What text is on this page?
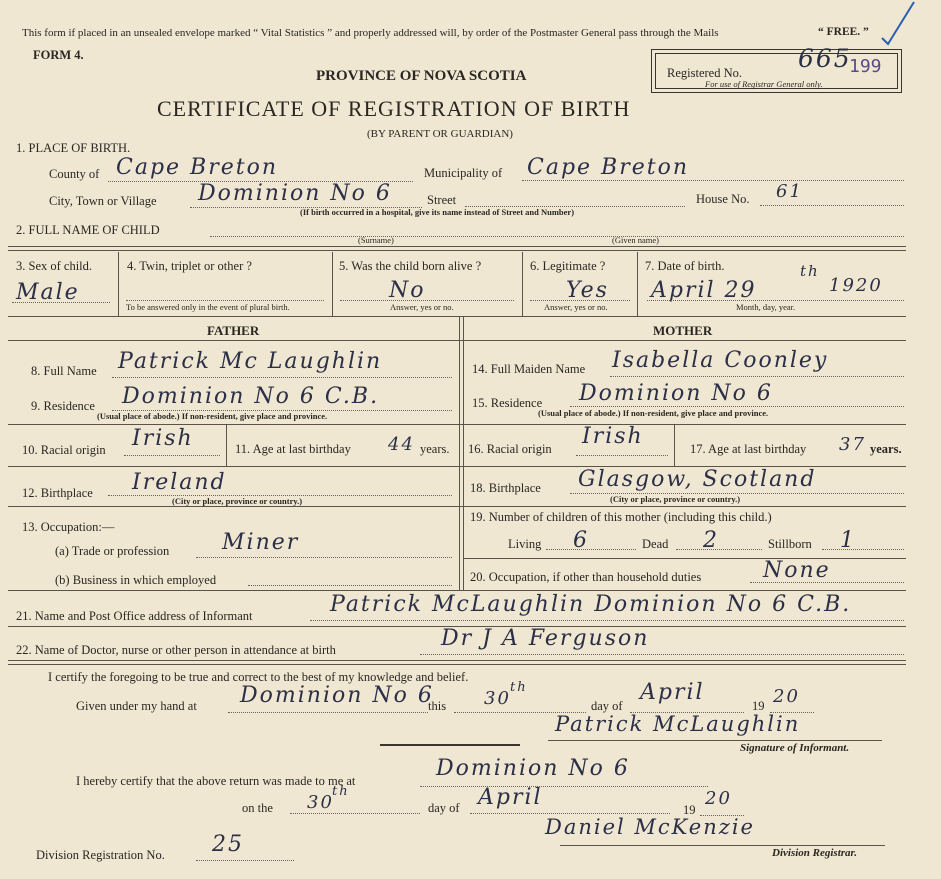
This form if placed in an unsealed envelope marked “ Vital Statistics ” and properly addressed will, by order of the Postmaster General pass through the Mails	“ FREE. ”
FORM 4.
Registered No. 665
199
For use of Registrar General only.
PROVINCE OF NOVA SCOTIA
CERTIFICATE OF REGISTRATION OF BIRTH
(BY PARENT OR GUARDIAN)
1. PLACE OF BIRTH.
County of Cape Breton	Municipality of Cape Breton
City, Town or Village Dominion No 6	Street	House No. 61
(If birth occurred in a hospital, give its name instead of Street and Number)
2. FULL NAME OF CHILD
(Surname)	(Given name)
3. Sex of child.
Male
4. Twin, triplet or other ?
To be answered only in the event of plural birth.
5. Was the child born alive ?
No
Answer, yes or no.
6. Legitimate ?
Yes
Answer, yes or no.
7. Date of birth.
April 29
th
1920
Month, day, year.
FATHER	MOTHER
8. Full Name Patrick Mc Laughlin	14. Full Maiden Name Isabella Coonley
9. Residence Dominion No 6 C.B.
(Usual place of abode.) If non-resident, give place and province.
15. Residence Dominion No 6
(Usual place of abode.) If non-resident, give place and province.
10. Racial origin Irish	11. Age at last birthday 44 years. 16. Racial origin Irish	17. Age at last birthday 37 years.
12. Birthplace Ireland
(City or place, province or country.)
18. Birthplace Glasgow, Scotland
(City or place, province or country.)
13. Occupation:—
(a) Trade or profession Miner
(b) Business in which employed
19. Number of children of this mother (including this child.)
Living 6	Dead 2	Stillborn 1
20. Occupation, if other than household duties	None
21. Name and Post Office address of Informant	Patrick McLaughlin Dominion No 6 C.B.
22. Name of Doctor, nurse or other person in attendance at birth	Dr J A Ferguson
I certify the foregoing to be true and correct to the best of my knowledge and belief.
Given under my hand at Dominion No 6
this 30
th
day of
April
19 20
Patrick McLaughlin
Signature of Informant.
I hereby certify that the above return was made to me at	Dominion No 6
on the 30
th
day of April	19
20
Daniel McKenzie
Division Registrar.
Division Registration No. 25
